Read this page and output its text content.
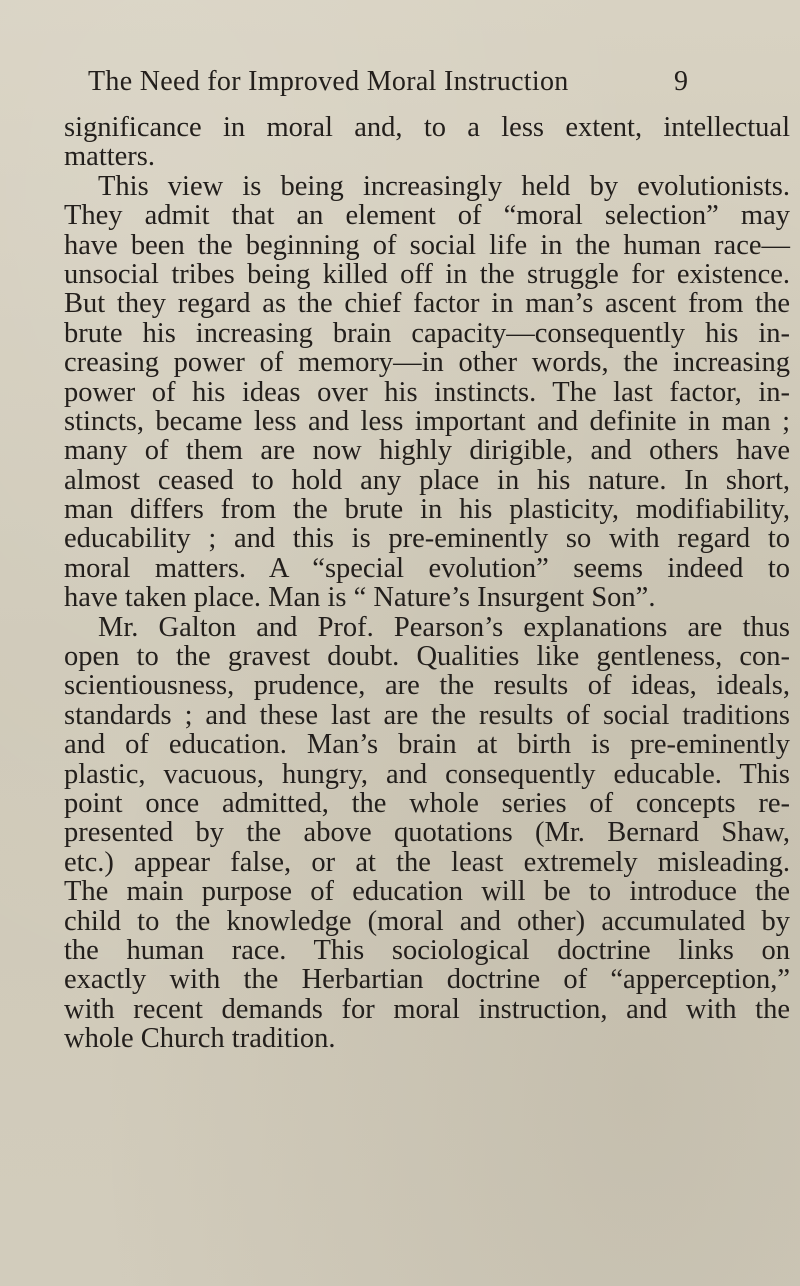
The Need for Improved Moral Instruction	9
significance in moral and, to a less extent, intellectual
matters.
This view is being increasingly held by evolutionists.
They admit that an element of “moral selection” may
have been the beginning of social life in the human race—
unsocial tribes being killed off in the struggle for existence.
But they regard as the chief factor in man’s ascent from the
brute his increasing brain capacity—consequently his in-
creasing power of memory—in other words, the increasing
power of his ideas over his instincts. The last factor, in-
stincts, became less and less important and definite in man ;
many of them are now highly dirigible, and others have
almost ceased to hold any place in his nature. In short,
man differs from the brute in his plasticity, modifiability,
educability ; and this is pre-eminently so with regard to
moral matters. A “special evolution” seems indeed to
have taken place. Man is “ Nature’s Insurgent Son”.
Mr. Galton and Prof. Pearson’s explanations are thus
open to the gravest doubt. Qualities like gentleness, con-
scientiousness, prudence, are the results of ideas, ideals,
standards ; and these last are the results of social traditions
and of education. Man’s brain at birth is pre-eminently
plastic, vacuous, hungry, and consequently educable. This
point once admitted, the whole series of concepts re-
presented by the above quotations (Mr. Bernard Shaw,
etc.) appear false, or at the least extremely misleading.
The main purpose of education will be to introduce the
child to the knowledge (moral and other) accumulated by
the human race. This sociological doctrine links on
exactly with the Herbartian doctrine of “apperception,”
with recent demands for moral instruction, and with the
whole Church tradition.
